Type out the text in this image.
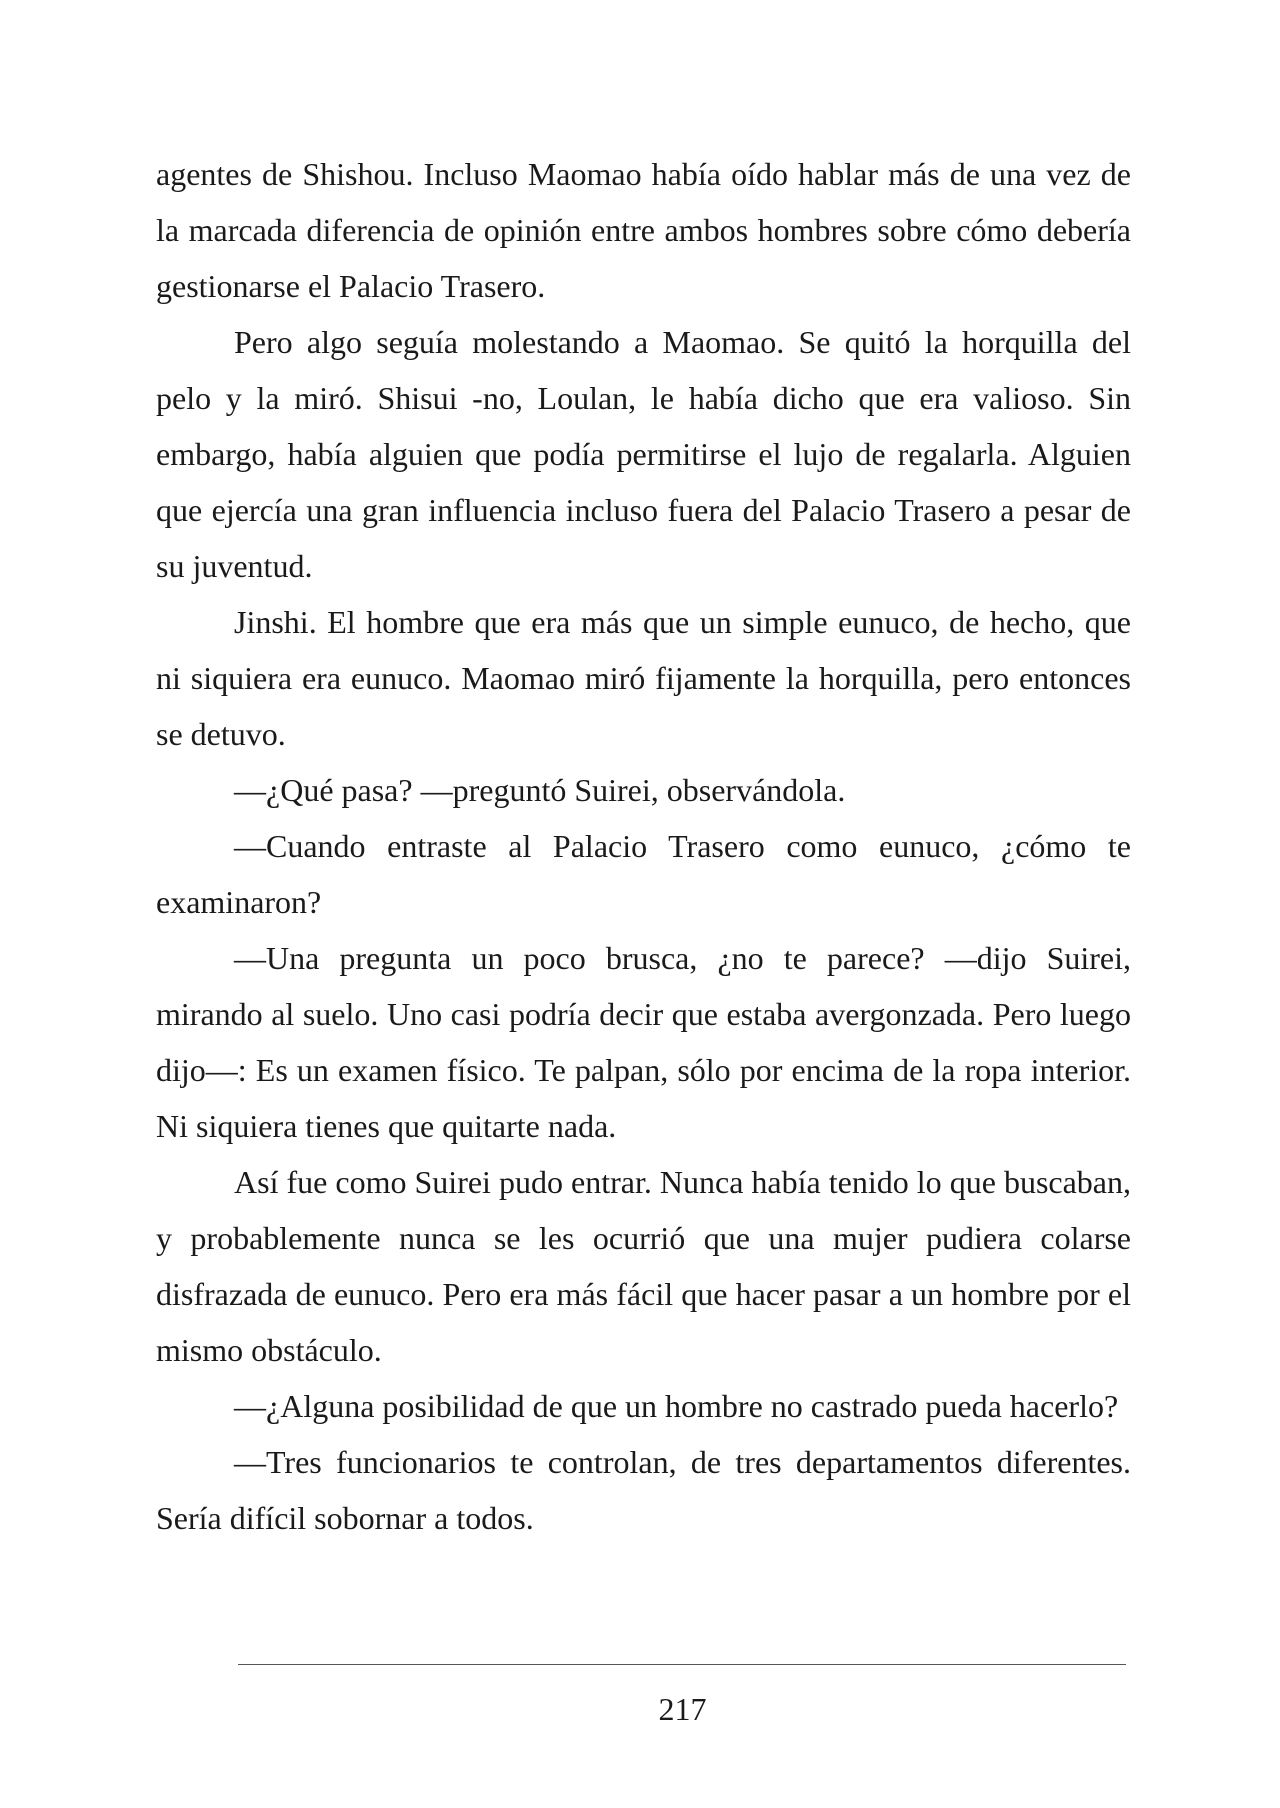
agentes de Shishou. Incluso Maomao había oído hablar más de una vez de la marcada diferencia de opinión entre ambos hombres sobre cómo debería gestionarse el Palacio Trasero.

Pero algo seguía molestando a Maomao. Se quitó la horquilla del pelo y la miró. Shisui -no, Loulan, le había dicho que era valioso. Sin embargo, había alguien que podía permitirse el lujo de regalarla. Alguien que ejercía una gran influencia incluso fuera del Palacio Trasero a pesar de su juventud.

Jinshi. El hombre que era más que un simple eunuco, de hecho, que ni siquiera era eunuco. Maomao miró fijamente la horquilla, pero entonces se detuvo.

—¿Qué pasa? —preguntó Suirei, observándola.

—Cuando entraste al Palacio Trasero como eunuco, ¿cómo te examinaron?

—Una pregunta un poco brusca, ¿no te parece? —dijo Suirei, mirando al suelo. Uno casi podría decir que estaba avergonzada. Pero luego dijo—: Es un examen físico. Te palpan, sólo por encima de la ropa interior. Ni siquiera tienes que quitarte nada.

Así fue como Suirei pudo entrar. Nunca había tenido lo que buscaban, y probablemente nunca se les ocurrió que una mujer pudiera colarse disfrazada de eunuco. Pero era más fácil que hacer pasar a un hombre por el mismo obstáculo.

—¿Alguna posibilidad de que un hombre no castrado pueda hacerlo?

—Tres funcionarios te controlan, de tres departamentos diferentes. Sería difícil sobornar a todos.

217
